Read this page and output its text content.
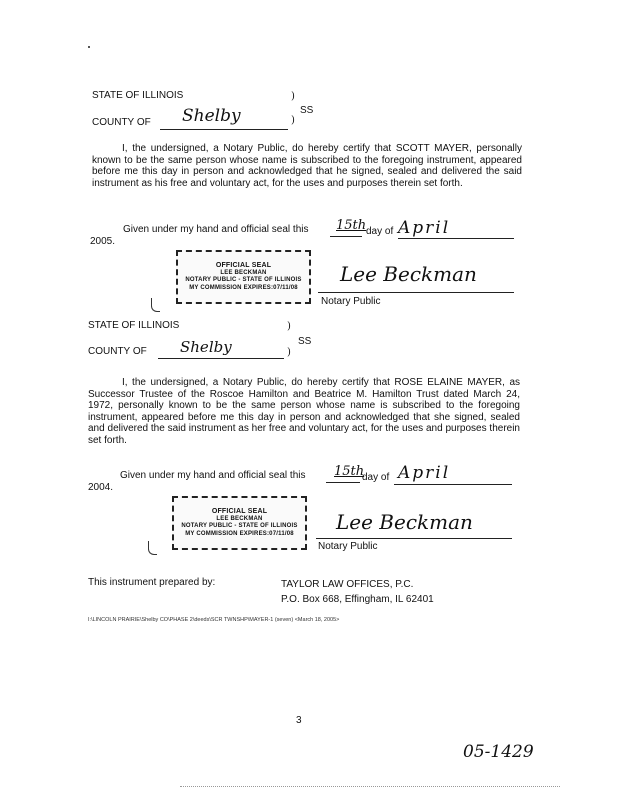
STATE OF ILLINOIS	)
SS
)
COUNTY OF Shelby
I, the undersigned, a Notary Public, do hereby certify that SCOTT MAYER, personally known to be the same person whose name is subscribed to the foregoing instrument, appeared before me this day in person and acknowledged that he signed, sealed and delivered the said instrument as his free and voluntary act, for the uses and purposes therein set forth.
Given under my hand and official seal this 15th day of April
2005.
OFFICIAL SEAL
LEE BECKMAN
NOTARY PUBLIC - STATE OF ILLINOIS
MY COMMISSION EXPIRES:07/11/08
Lee Beckman
Notary Public
STATE OF ILLINOIS	)
SS
)
COUNTY OF Shelby
I, the undersigned, a Notary Public, do hereby certify that ROSE ELAINE MAYER, as Successor Trustee of the Roscoe Hamilton and Beatrice M. Hamilton Trust dated March 24, 1972, personally known to be the same person whose name is subscribed to the foregoing instrument, appeared before me this day in person and acknowledged that she signed, sealed and delivered the said instrument as her free and voluntary act, for the uses and purposes therein set forth.
Given under my hand and official seal this 15th
day of April
2004.
OFFICIAL SEAL
LEE BECKMAN
NOTARY PUBLIC - STATE OF ILLINOIS
MY COMMISSION EXPIRES:07/11/08 Lee Beckman
Notary Public
This instrument prepared by:	TAYLOR LAW OFFICES, P.C.
P.O. Box 668, Effingham, IL 62401
I:\LINCOLN PRAIRIE\Shelby CO\PHASE 2\deeds\SCR TWNSHP\MAYER-1 (seven) <March 18, 2005>
3
05-1429
